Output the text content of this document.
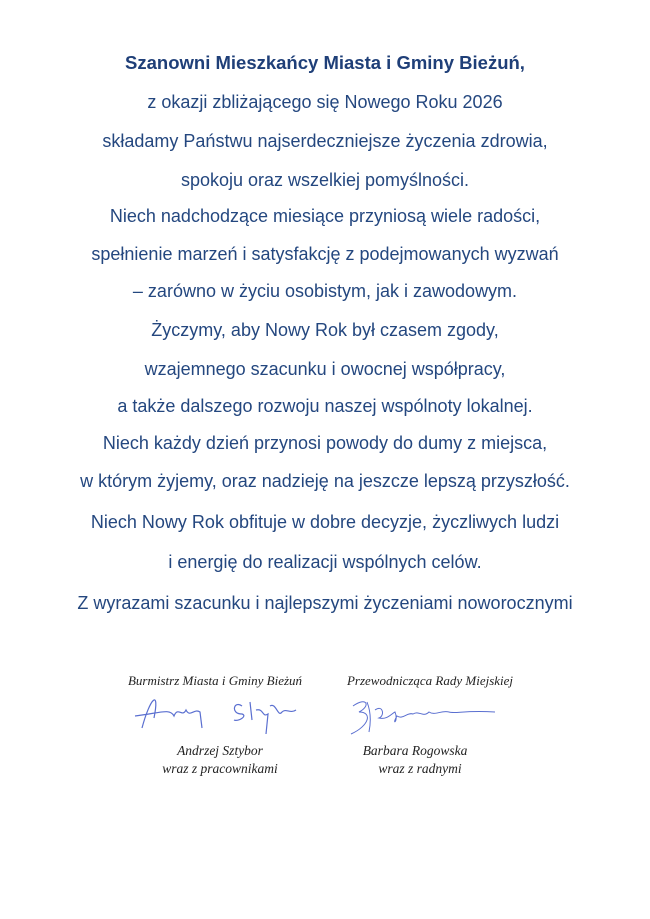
Szanowni Mieszkańcy Miasta i Gminy Bieżuń,
z okazji zbliżającego się Nowego Roku 2026
składamy Państwu najserdeczniejsze życzenia zdrowia,
spokoju oraz wszelkiej pomyślności.
Niech nadchodzące miesiące przyniosą wiele radości,
spełnienie marzeń i satysfakcję z podejmowanych wyzwań
– zarówno w życiu osobistym, jak i zawodowym.
Życzymy, aby Nowy Rok był czasem zgody,
wzajemnego szacunku i owocnej współpracy,
a także dalszego rozwoju naszej wspólnoty lokalnej.
Niech każdy dzień przynosi powody do dumy z miejsca,
w którym żyjemy, oraz nadzieję na jeszcze lepszą przyszłość.
Niech Nowy Rok obfituje w dobre decyzje, życzliwych ludzi
i energię do realizacji wspólnych celów.
Z wyrazami szacunku i najlepszymi życzeniami noworocznymi
Burmistrz Miasta i Gminy Bieżuń
Andrzej Sztybor
wraz z pracownikami
Przewodnicząca Rady Miejskiej
Barbara Rogowska
wraz z radnymi
